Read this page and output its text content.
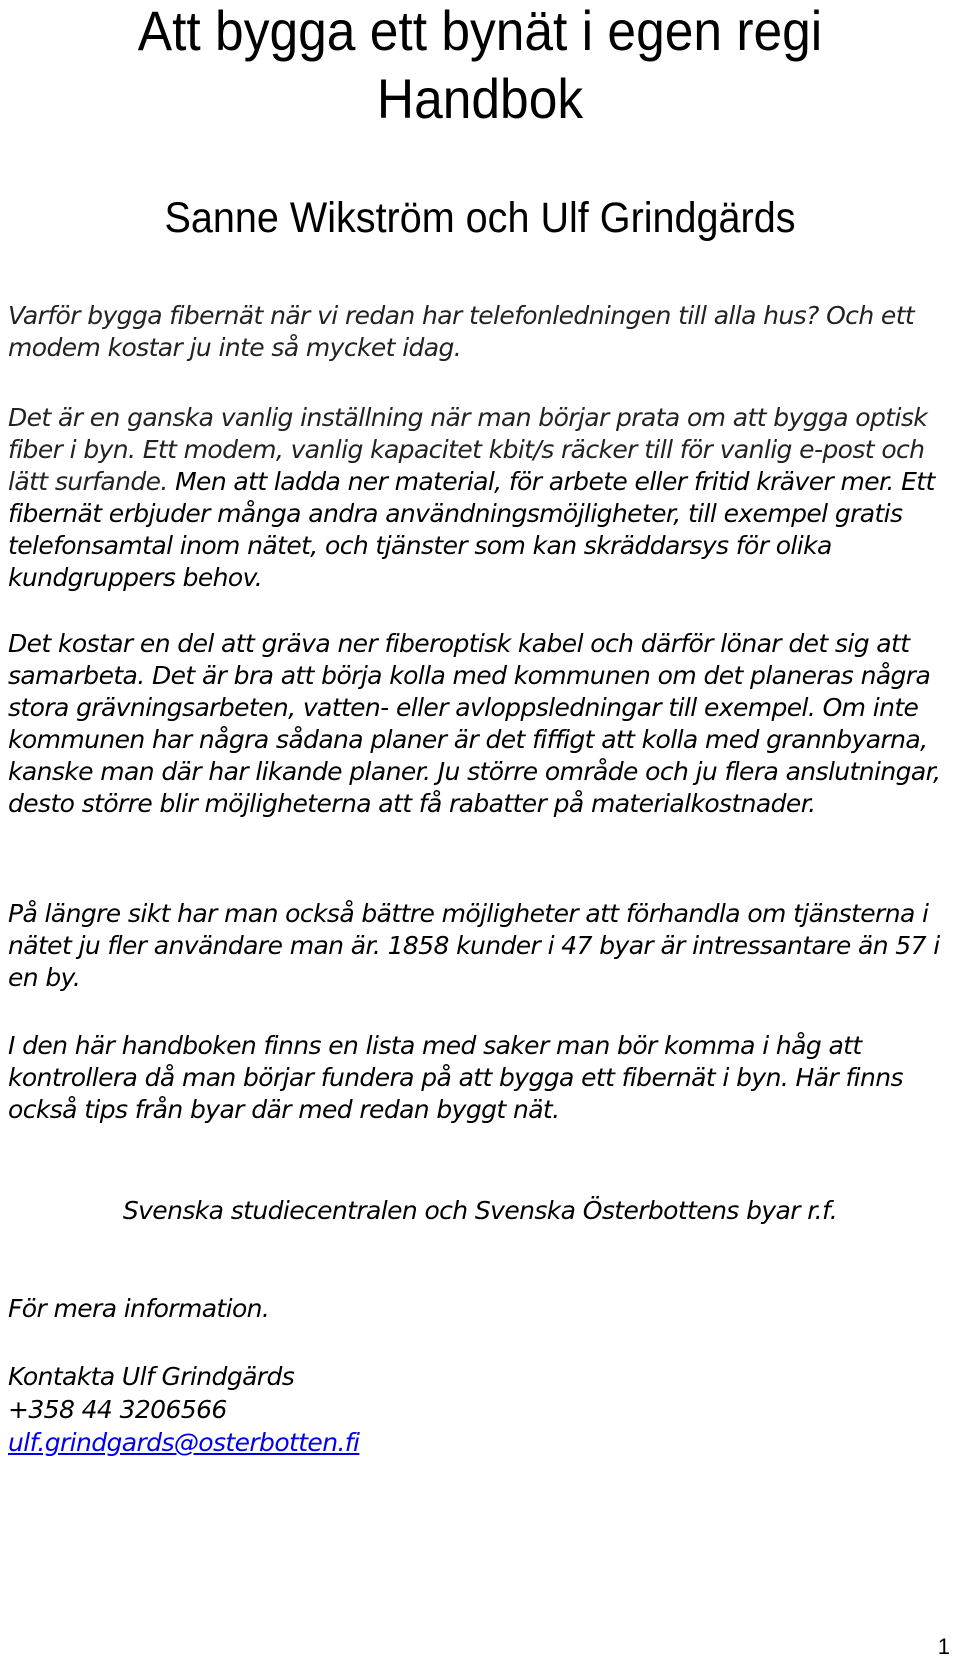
Att bygga ett bynät i egen regi
Handbok
Sanne Wikström och Ulf Grindgärds

Varför bygga fibernät när vi redan har telefonledningen till alla hus? Och ett modem kostar ju inte så mycket idag.

Det är en ganska vanlig inställning när man börjar prata om att bygga optisk fiber i byn. Ett modem, vanlig kapacitet kbit/s räcker till för vanlig e-post och lätt surfande. Men att ladda ner material, för arbete eller fritid kräver mer. Ett fibernät erbjuder många andra användningsmöjligheter, till exempel gratis telefonsamtal inom nätet, och tjänster som kan skräddarsys för olika kundgruppers behov.

Det kostar en del att gräva ner fiberoptisk kabel och därför lönar det sig att samarbeta. Det är bra att börja kolla med kommunen om det planeras några stora grävningsarbeten, vatten- eller avloppsledningar till exempel. Om inte kommunen har några sådana planer är det fiffigt att kolla med grannbyarna, kanske man där har likande planer. Ju större område och ju flera anslutningar, desto större blir möjligheterna att få rabatter på materialkostnader.

På längre sikt har man också bättre möjligheter att förhandla om tjänsterna i nätet ju fler användare man är. 1858 kunder i 47 byar är intressantare än 57 i en by.

I den här handboken finns en lista med saker man bör komma i håg att kontrollera då man börjar fundera på att bygga ett fibernät i byn. Här finns också tips från byar där med redan byggt nät.

Svenska studiecentralen och Svenska Österbottens byar r.f.

För mera information.

Kontakta Ulf Grindgärds
+358 44 3206566
ulf.grindgards@osterbotten.fi
1
